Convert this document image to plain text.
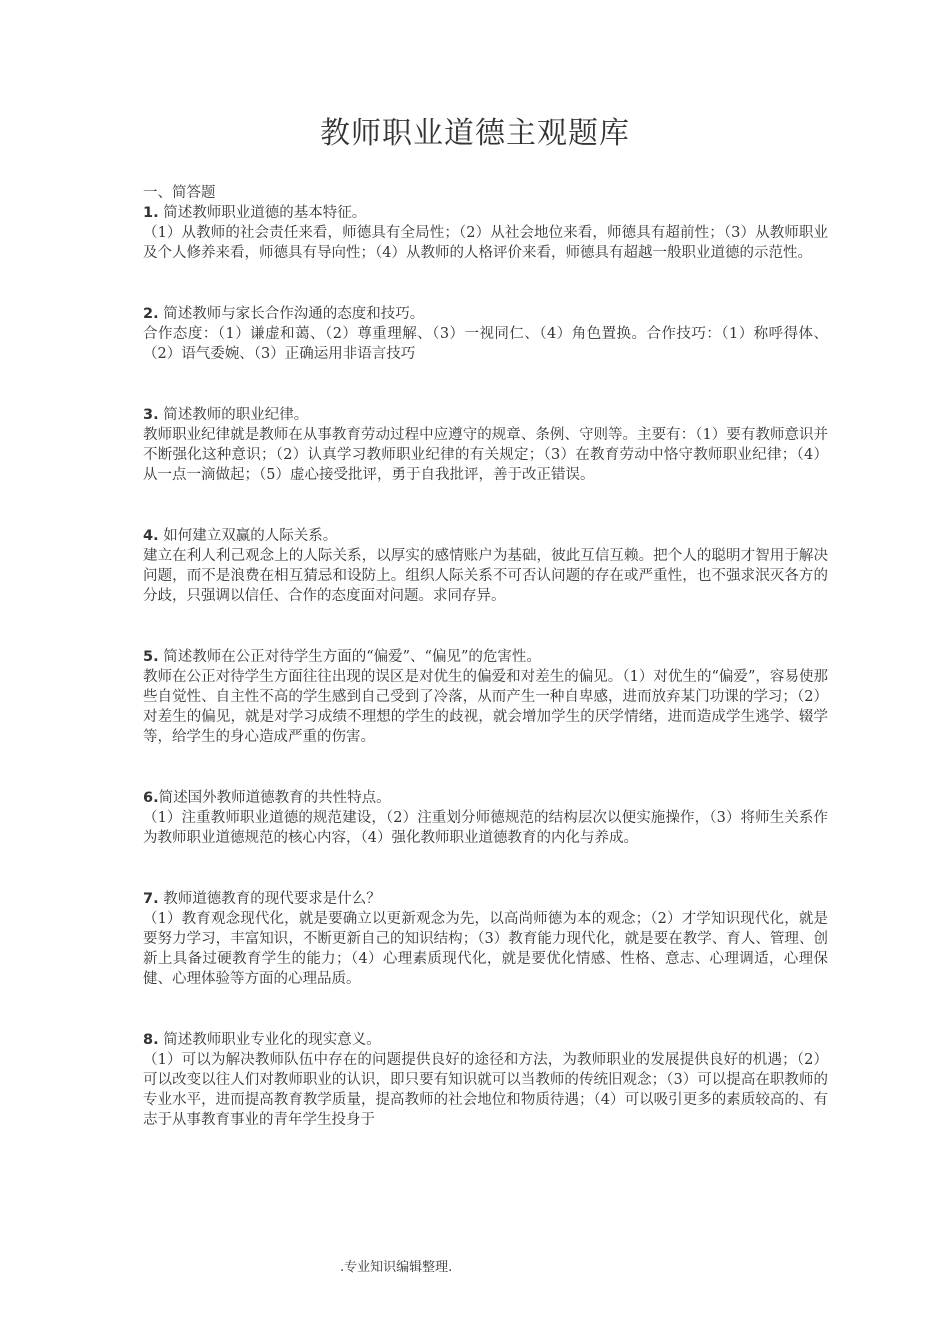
教师职业道德主观题库

一、简答题

1. 简述教师职业道德的基本特征。

（1）从教师的社会责任来看，师德具有全局性；（2）从社会地位来看，师德具有超前性；（3）从教师职业及个人修养来看，师德具有导向性；（4）从教师的人格评价来看，师德具有超越一般职业道德的示范性。

2. 简述教师与家长合作沟通的态度和技巧。

合作态度：（1）谦虚和蔼、（2）尊重理解、（3）一视同仁、（4）角色置换。合作技巧：（1）称呼得体、（2）语气委婉、（3）正确运用非语言技巧

3. 简述教师的职业纪律。

教师职业纪律就是教师在从事教育劳动过程中应遵守的规章、条例、守则等。主要有：（1）要有教师意识并不断强化这种意识；（2）认真学习教师职业纪律的有关规定；（3）在教育劳动中恪守教师职业纪律；（4）从一点一滴做起；（5）虚心接受批评，勇于自我批评，善于改正错误。

4. 如何建立双赢的人际关系。

建立在利人利己观念上的人际关系，以厚实的感情账户为基础，彼此互信互赖。把个人的聪明才智用于解决问题，而不是浪费在相互猜忌和设防上。组织人际关系不可否认问题的存在或严重性，也不强求泯灭各方的分歧，只强调以信任、合作的态度面对问题。求同存异。

5. 简述教师在公正对待学生方面的“偏爱”、“偏见”的危害性。

教师在公正对待学生方面往往出现的误区是对优生的偏爱和对差生的偏见。（1）对优生的“偏爱”，容易使那些自觉性、自主性不高的学生感到自己受到了冷落，从而产生一种自卑感，进而放弃某门功课的学习；（2）对差生的偏见，就是对学习成绩不理想的学生的歧视，就会增加学生的厌学情绪，进而造成学生逃学、辍学等，给学生的身心造成严重的伤害。

6.简述国外教师道德教育的共性特点。

（1）注重教师职业道德的规范建设，（2）注重划分师德规范的结构层次以便实施操作，（3）将师生关系作为教师职业道德规范的核心内容，（4）强化教师职业道德教育的内化与养成。

7. 教师道德教育的现代要求是什么？

（1）教育观念现代化，就是要确立以更新观念为先，以高尚师德为本的观念；（2）才学知识现代化，就是要努力学习，丰富知识，不断更新自己的知识结构；（3）教育能力现代化，就是要在教学、育人、管理、创新上具备过硬教育学生的能力；（4）心理素质现代化，就是要优化情感、性格、意志、心理调适，心理保健、心理体验等方面的心理品质。

8. 简述教师职业专业化的现实意义。

（1）可以为解决教师队伍中存在的问题提供良好的途径和方法，为教师职业的发展提供良好的机遇；（2）可以改变以往人们对教师职业的认识，即只要有知识就可以当教师的传统旧观念；（3）可以提高在职教师的专业水平，进而提高教育教学质量，提高教师的社会地位和物质待遇；（4）可以吸引更多的素质较高的、有志于从事教育事业的青年学生投身于

.专业知识编辑整理.
